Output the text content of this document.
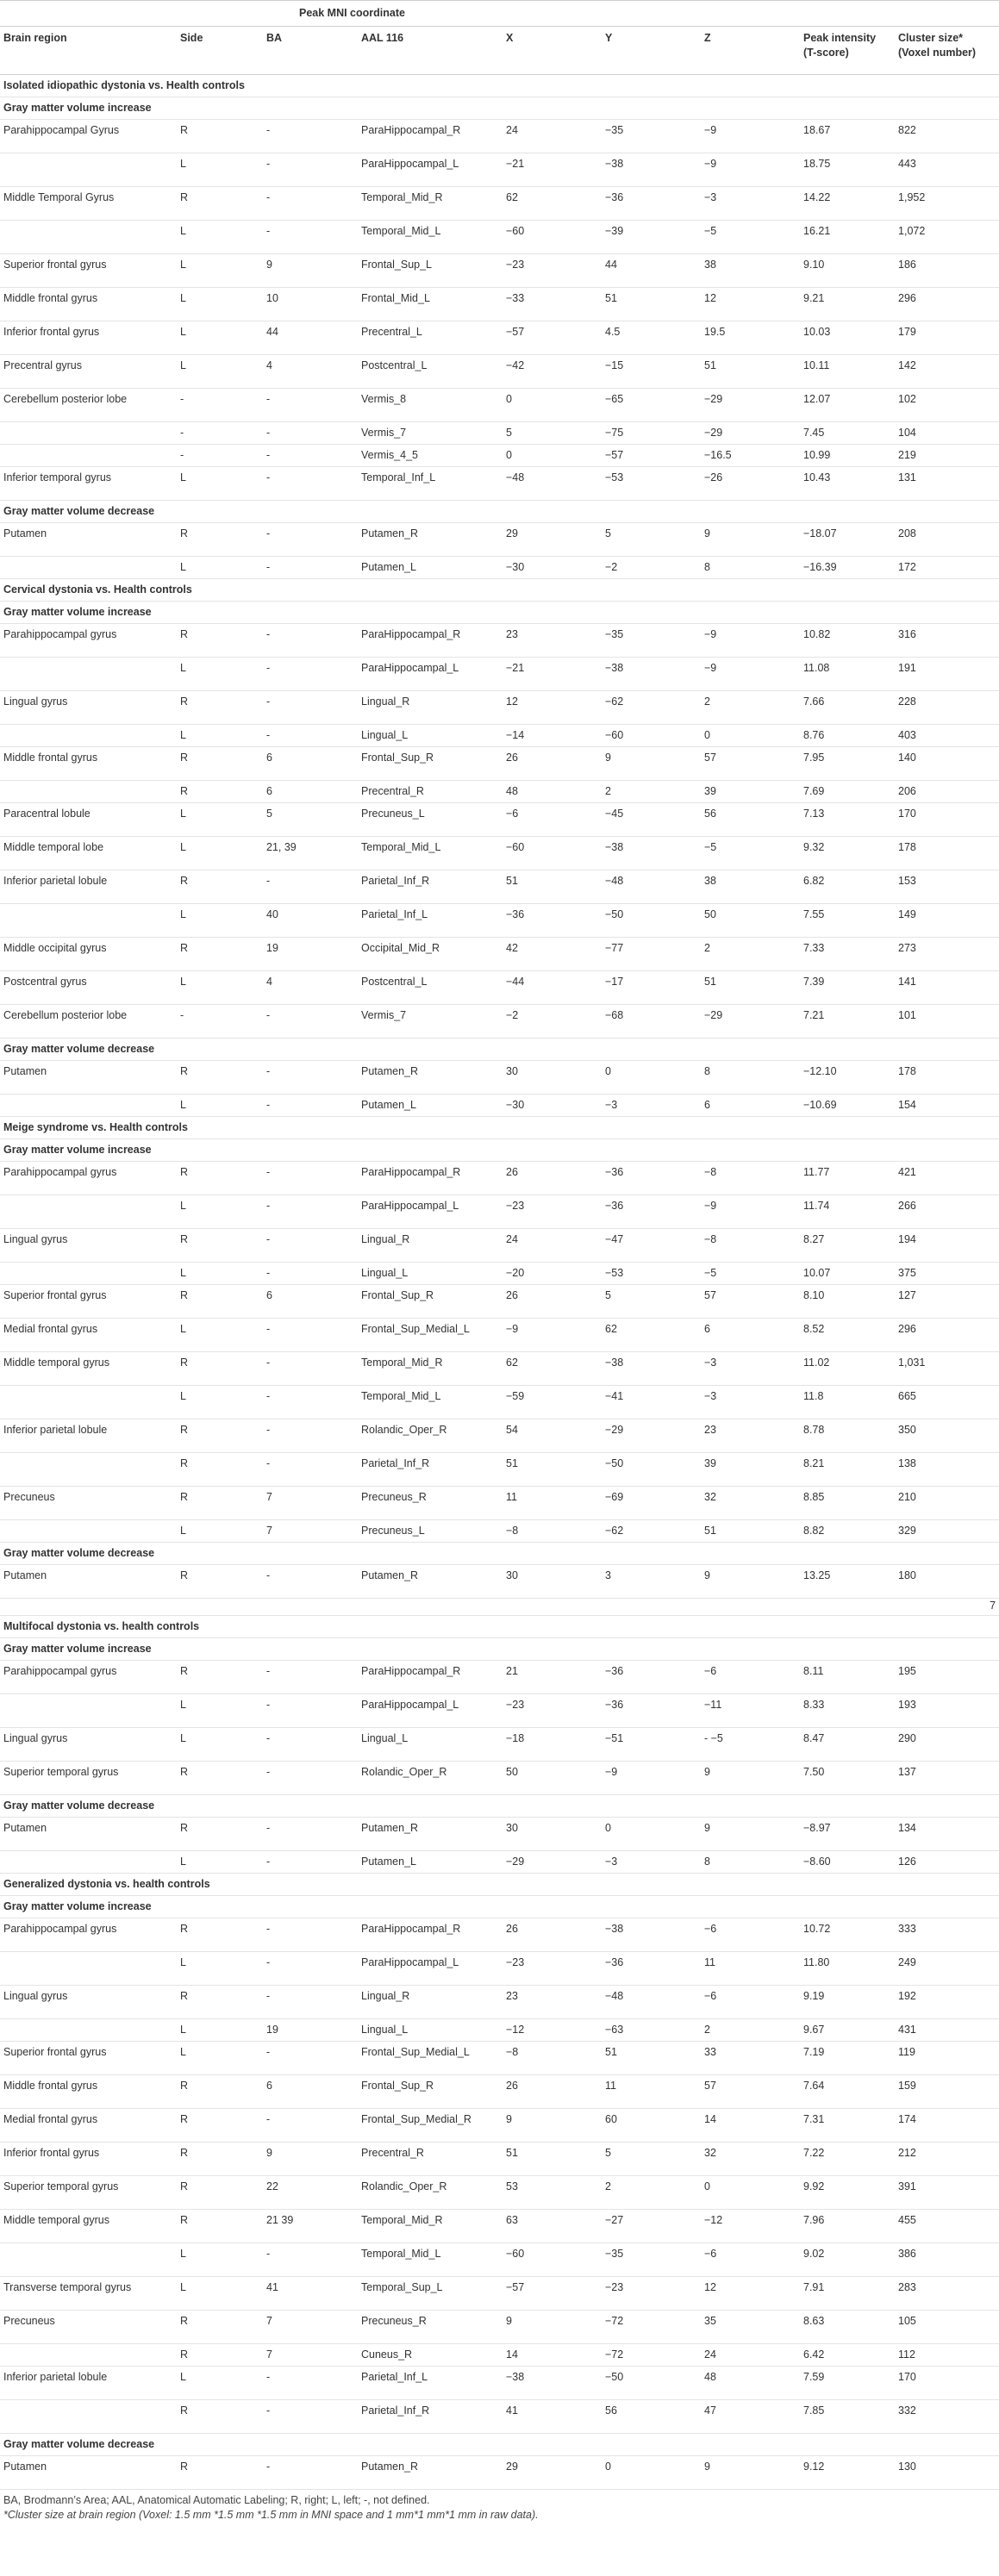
		Peak MNI coordinate						
Brain region	Side	BA	AAL 116	X	Y	Z	Peak intensity (T-score)	Cluster size* (Voxel number)
Isolated idiopathic dystonia vs. Health controls								
Gray matter volume increase								
Parahippocampal Gyrus	R	-	ParaHippocampal_R	24	−35	−9	18.67	822
	L	-	ParaHippocampal_L	−21	−38	−9	18.75	443
Middle Temporal Gyrus	R	-	Temporal_Mid_R	62	−36	−3	14.22	1,952
	L	-	Temporal_Mid_L	−60	−39	−5	16.21	1,072
Superior frontal gyrus	L	9	Frontal_Sup_L	−23	44	38	9.10	186
Middle frontal gyrus	L	10	Frontal_Mid_L	−33	51	12	9.21	296
Inferior frontal gyrus	L	44	Precentral_L	−57	4.5	19.5	10.03	179
Precentral gyrus	L	4	Postcentral_L	−42	−15	51	10.11	142
Cerebellum posterior lobe	-	-	Vermis_8	0	−65	−29	12.07	102
	-	-	Vermis_7	5	−75	−29	7.45	104
	-	-	Vermis_4_5	0	−57	−16.5	10.99	219
Inferior temporal gyrus	L	-	Temporal_Inf_L	−48	−53	−26	10.43	131
Gray matter volume decrease								
Putamen	R	-	Putamen_R	29	5	9	−18.07	208
	L	-	Putamen_L	−30	−2	8	−16.39	172
Cervical dystonia vs. Health controls								
Gray matter volume increase								
Parahippocampal gyrus	R	-	ParaHippocampal_R	23	−35	−9	10.82	316
	L	-	ParaHippocampal_L	−21	−38	−9	11.08	191
Lingual gyrus	R	-	Lingual_R	12	−62	2	7.66	228
	L	-	Lingual_L	−14	−60	0	8.76	403
Middle frontal gyrus	R	6	Frontal_Sup_R	26	9	57	7.95	140
	R	6	Precentral_R	48	2	39	7.69	206
Paracentral lobule	L	5	Precuneus_L	−6	−45	56	7.13	170
Middle temporal lobe	L	21, 39	Temporal_Mid_L	−60	−38	−5	9.32	178
Inferior parietal lobule	R	-	Parietal_Inf_R	51	−48	38	6.82	153
	L	40	Parietal_Inf_L	−36	−50	50	7.55	149
Middle occipital gyrus	R	19	Occipital_Mid_R	42	−77	2	7.33	273
Postcentral gyrus	L	4	Postcentral_L	−44	−17	51	7.39	141
Cerebellum posterior lobe	-	-	Vermis_7	−2	−68	−29	7.21	101
Gray matter volume decrease								
Putamen	R	-	Putamen_R	30	0	8	−12.10	178
	L	-	Putamen_L	−30	−3	6	−10.69	154
Meige syndrome vs. Health controls								
Gray matter volume increase								
Parahippocampal gyrus	R	-	ParaHippocampal_R	26	−36	−8	11.77	421
	L	-	ParaHippocampal_L	−23	−36	−9	11.74	266
Lingual gyrus	R	-	Lingual_R	24	−47	−8	8.27	194
	L	-	Lingual_L	−20	−53	−5	10.07	375
Superior frontal gyrus	R	6	Frontal_Sup_R	26	5	57	8.10	127
Medial frontal gyrus	L	-	Frontal_Sup_Medial_L	−9	62	6	8.52	296
Middle temporal gyrus	R	-	Temporal_Mid_R	62	−38	−3	11.02	1,031
	L	-	Temporal_Mid_L	−59	−41	−3	11.8	665
Inferior parietal lobule	R	-	Rolandic_Oper_R	54	−29	23	8.78	350
	R	-	Parietal_Inf_R	51	−50	39	8.21	138
Precuneus	R	7	Precuneus_R	11	−69	32	8.85	210
	L	7	Precuneus_L	−8	−62	51	8.82	329
Gray matter volume decrease								
Putamen	R	-	Putamen_R	30	3	9	13.25	180
								7
Multifocal dystonia vs. health controls								
Gray matter volume increase								
Parahippocampal gyrus	R	-	ParaHippocampal_R	21	−36	−6	8.11	195
	L	-	ParaHippocampal_L	−23	−36	−11	8.33	193
Lingual gyrus	L	-	Lingual_L	−18	−51	- −5	8.47	290
Superior temporal gyrus	R	-	Rolandic_Oper_R	50	−9	9	7.50	137
Gray matter volume decrease								
Putamen	R	-	Putamen_R	30	0	9	−8.97	134
	L	-	Putamen_L	−29	−3	8	−8.60	126
Generalized dystonia vs. health controls								
Gray matter volume increase								
Parahippocampal gyrus	R	-	ParaHippocampal_R	26	−38	−6	10.72	333
	L	-	ParaHippocampal_L	−23	−36	11	11.80	249
Lingual gyrus	R	-	Lingual_R	23	−48	−6	9.19	192
	L	19	Lingual_L	−12	−63	2	9.67	431
Superior frontal gyrus	L	-	Frontal_Sup_Medial_L	−8	51	33	7.19	119
Middle frontal gyrus	R	6	Frontal_Sup_R	26	11	57	7.64	159
Medial frontal gyrus	R	-	Frontal_Sup_Medial_R	9	60	14	7.31	174
Inferior frontal gyrus	R	9	Precentral_R	51	5	32	7.22	212
Superior temporal gyrus	R	22	Rolandic_Oper_R	53	2	0	9.92	391
Middle temporal gyrus	R	21 39	Temporal_Mid_R	63	−27	−12	7.96	455
	L	-	Temporal_Mid_L	−60	−35	−6	9.02	386
Transverse temporal gyrus	L	41	Temporal_Sup_L	−57	−23	12	7.91	283
Precuneus	R	7	Precuneus_R	9	−72	35	8.63	105
	R	7	Cuneus_R	14	−72	24	6.42	112
Inferior parietal lobule	L	-	Parietal_Inf_L	−38	−50	48	7.59	170
	R	-	Parietal_Inf_R	41	56	47	7.85	332
Gray matter volume decrease								
Putamen	R	-	Putamen_R	29	0	9	9.12	130

BA, Brodmann’s Area; AAL, Anatomical Automatic Labeling; R, right; L, left; -, not defined.
*Cluster size at brain region (Voxel: 1.5 mm *1.5 mm *1.5 mm in MNI space and 1 mm*1 mm*1 mm in raw data).								
